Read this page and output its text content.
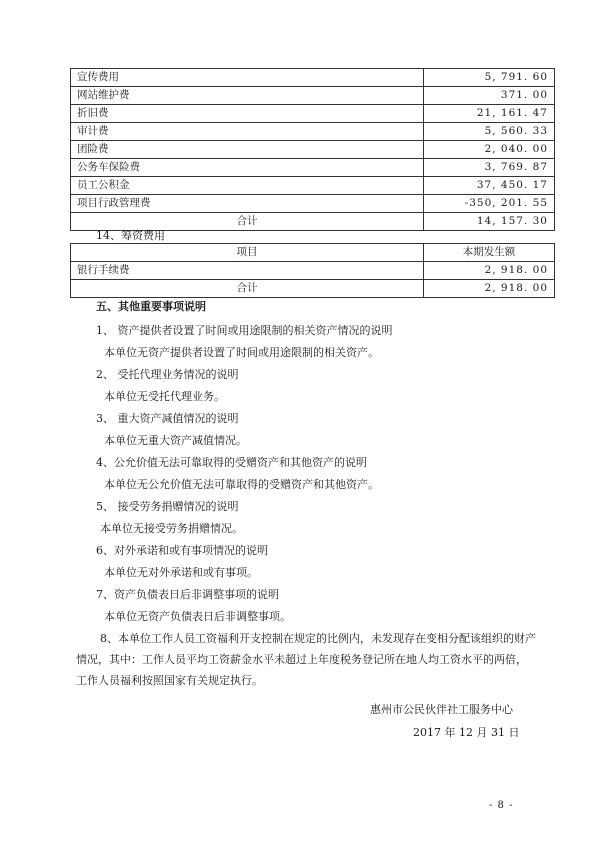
宣传费用	5, 791. 60
网站维护费	371. 00
折旧费	21, 161. 47
审计费	5, 560. 33
团险费	2, 040. 00
公务车保险费	3, 769. 87
员工公积金	37, 450. 17
项目行政管理费	-350, 201. 55
合计	14, 157. 30
14、筹资费用
项目	本期发生额
银行手续费	2, 918. 00
合计	2, 918. 00
五、其他重要事项说明
1、 资产提供者设置了时间或用途限制的相关资产情况的说明
本单位无资产提供者设置了时间或用途限制的相关资产。
2、 受托代理业务情况的说明
本单位无受托代理业务。
3、 重大资产减值情况的说明
本单位无重大资产减值情况。
4、公允价值无法可靠取得的受赠资产和其他资产的说明
本单位无公允价值无法可靠取得的受赠资产和其他资产。
5、 接受劳务捐赠情况的说明
本单位无接受劳务捐赠情况。
6、对外承诺和或有事项情况的说明
本单位无对外承诺和或有事项。
7、资产负债表日后非调整事项的说明
本单位无资产负债表日后非调整事项。

8、本单位工作人员工资福利开支控制在规定的比例内，未发现存在变相分配该组织的财产情况，其中：工作人员平均工资薪金水平未超过上年度税务登记所在地人均工资水平的两倍，工作人员福利按照国家有关规定执行。

惠州市公民伙伴社工服务中心
2017 年 12 月 31 日
- 8 -
